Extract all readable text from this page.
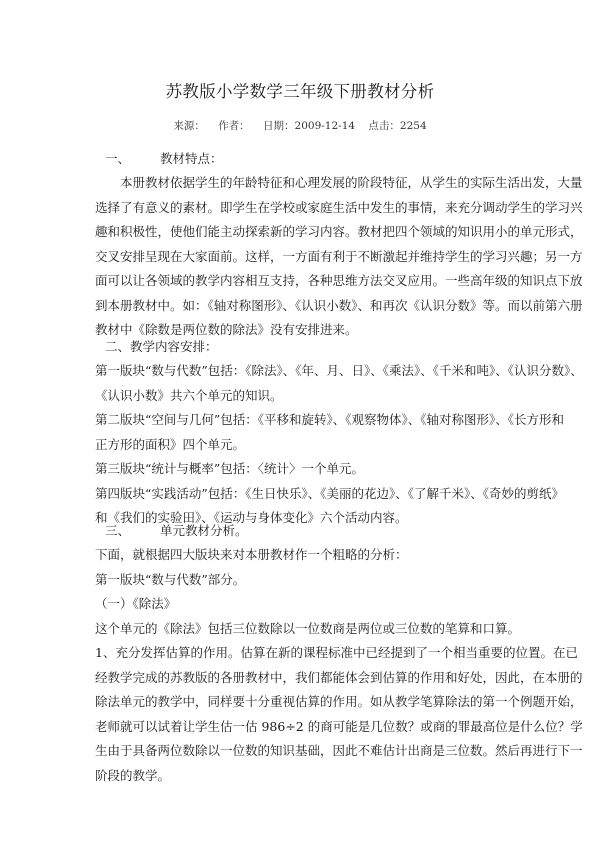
苏教版小学数学三年级下册教材分析
来源： 作者： 日期：2009-12-14 点击：2254
一、 教材特点：
本册教材依据学生的年龄特征和心理发展的阶段特征，从学生的实际生活出发，大量
选择了有意义的素材。即学生在学校或家庭生活中发生的事情，来充分调动学生的学习兴
趣和积极性，使他们能主动探索新的学习内容。教材把四个领域的知识用小的单元形式，
交叉安排呈现在大家面前。这样，一方面有利于不断激起并维持学生的学习兴趣；另一方
面可以让各领域的教学内容相互支持，各种思维方法交叉应用。一些高年级的知识点下放
到本册教材中。如：《轴对称图形》、《认识小数》、和再次《认识分数》等。而以前第六册
教材中《除数是两位数的除法》没有安排进来。
二、教学内容安排：
第一版块“数与代数”包括：《除法》、《年、月、日》、《乘法》、《千米和吨》、《认识分数》、
《认识小数》共六个单元的知识。
第二版块“空间与几何”包括：《平移和旋转》、《观察物体》、《轴对称图形》、《长方形和
正方形的面积》四个单元。
第三版块“统计与概率”包括：〈统计〉一个单元。
第四版块“实践活动”包括：《生日快乐》、《美丽的花边》、《了解千米》、《奇妙的剪纸》
和《我们的实验田》、《运动与身体变化》六个活动内容。
三、 单元教材分析。
下面，就根据四大版块来对本册教材作一个粗略的分析：
第一版块“数与代数”部分。
（一）《除法》
这个单元的《除法》包括三位数除以一位数商是两位或三位数的笔算和口算。
1、充分发挥估算的作用。估算在新的课程标准中已经提到了一个相当重要的位置。在已
经教学完成的苏教版的各册教材中，我们都能体会到估算的作用和好处，因此，在本册的
除法单元的教学中，同样要十分重视估算的作用。如从教学笔算除法的第一个例题开始，
老师就可以试着让学生估一估 986÷2 的商可能是几位数？或商的罪最高位是什么位？学
生由于具备两位数除以一位数的知识基础，因此不难估计出商是三位数。然后再进行下一
阶段的教学。
